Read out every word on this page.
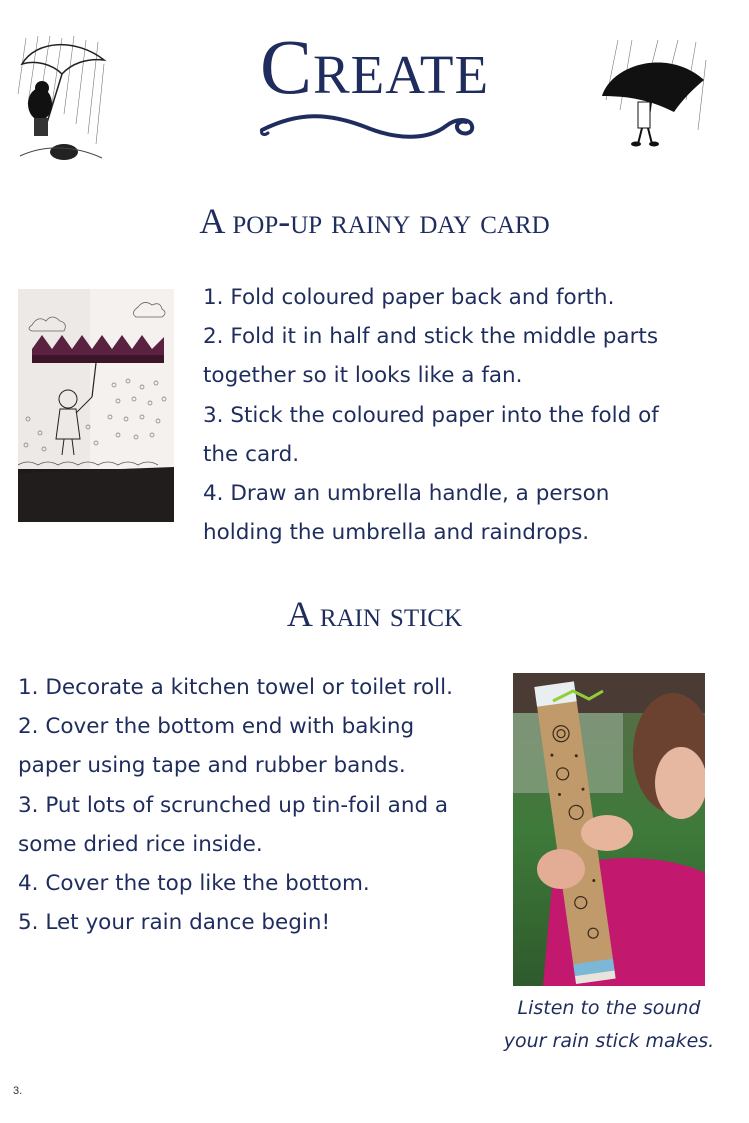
Create
A pop-up rainy day card
1. Fold coloured paper back and forth.
2. Fold it in half and stick the middle parts
together so it looks like a fan.
3. Stick the coloured paper into the fold of
the card.
4. Draw an umbrella handle, a person
holding the umbrella and raindrops.
A rain stick
1. Decorate a kitchen towel or toilet roll.
2. Cover the bottom end with baking
paper using tape and rubber bands.
3. Put lots of scrunched up tin-foil and a
some dried rice inside.
4. Cover the top like the bottom.
5. Let your rain dance begin!
Listen to the sound
your rain stick makes.
3.
